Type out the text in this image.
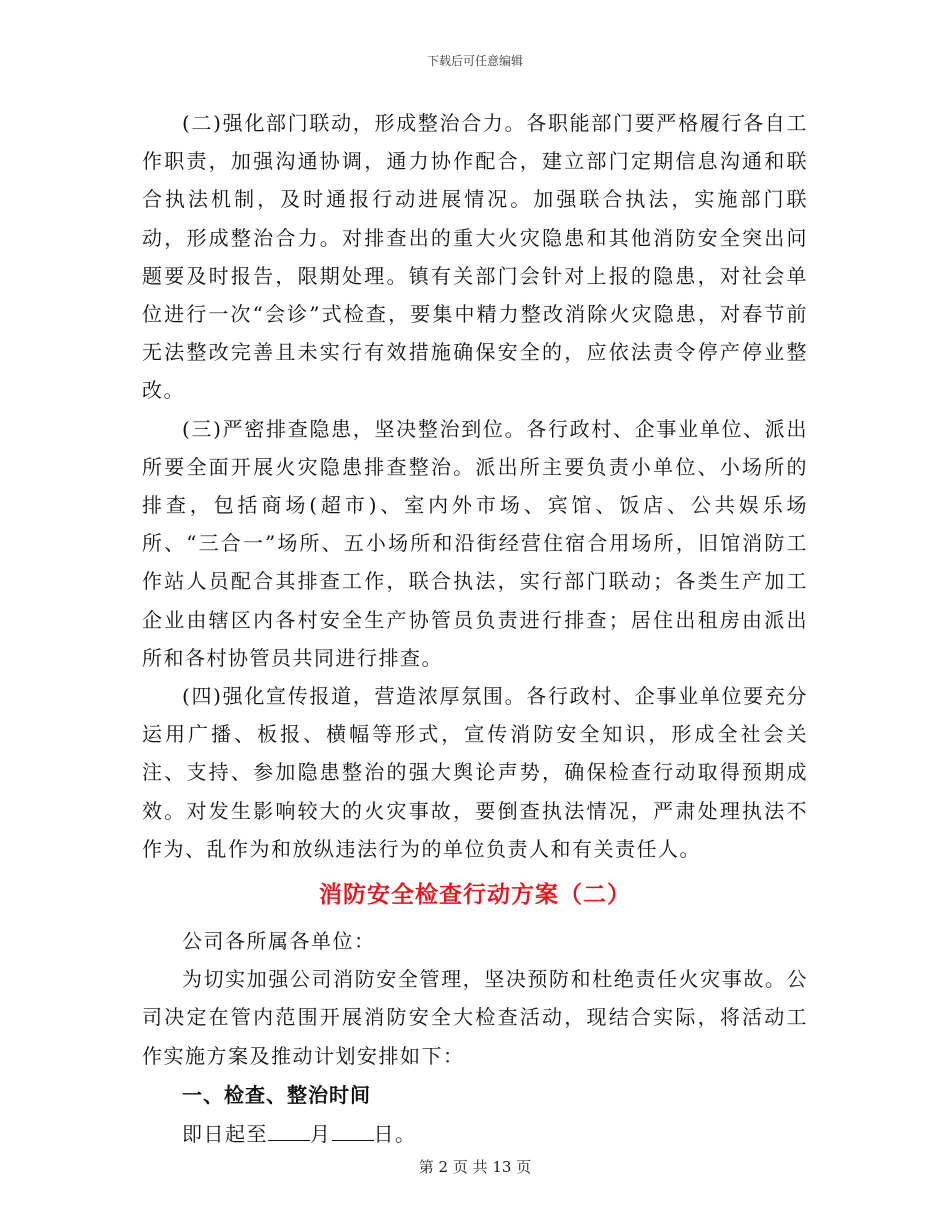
下载后可任意编辑

(二)强化部门联动，形成整治合力。各职能部门要严格履行各自工作职责，加强沟通协调，通力协作配合，建立部门定期信息沟通和联合执法机制，及时通报行动进展情况。加强联合执法，实施部门联动，形成整治合力。对排查出的重大火灾隐患和其他消防安全突出问题要及时报告，限期处理。镇有关部门会针对上报的隐患，对社会单位进行一次“会诊”式检查，要集中精力整改消除火灾隐患，对春节前无法整改完善且未实行有效措施确保安全的，应依法责令停产停业整改。

(三)严密排查隐患，坚决整治到位。各行政村、企事业单位、派出所要全面开展火灾隐患排查整治。派出所主要负责小单位、小场所的排查，包括商场(超市)、室内外市场、宾馆、饭店、公共娱乐场所、“三合一”场所、五小场所和沿街经营住宿合用场所，旧馆消防工作站人员配合其排查工作，联合执法，实行部门联动；各类生产加工企业由辖区内各村安全生产协管员负责进行排查；居住出租房由派出所和各村协管员共同进行排查。

(四)强化宣传报道，营造浓厚氛围。各行政村、企事业单位要充分运用广播、板报、横幅等形式，宣传消防安全知识，形成全社会关注、支持、参加隐患整治的强大舆论声势，确保检查行动取得预期成效。对发生影响较大的火灾事故，要倒查执法情况，严肃处理执法不作为、乱作为和放纵违法行为的单位负责人和有关责任人。

消防安全检查行动方案（二）

公司各所属各单位：

为切实加强公司消防安全管理，坚决预防和杜绝责任火灾事故。公司决定在管内范围开展消防安全大检查活动，现结合实际，将活动工作实施方案及推动计划安排如下：

一、检查、整治时间

即日起至 月 日。

第 2 页 共 13 页
